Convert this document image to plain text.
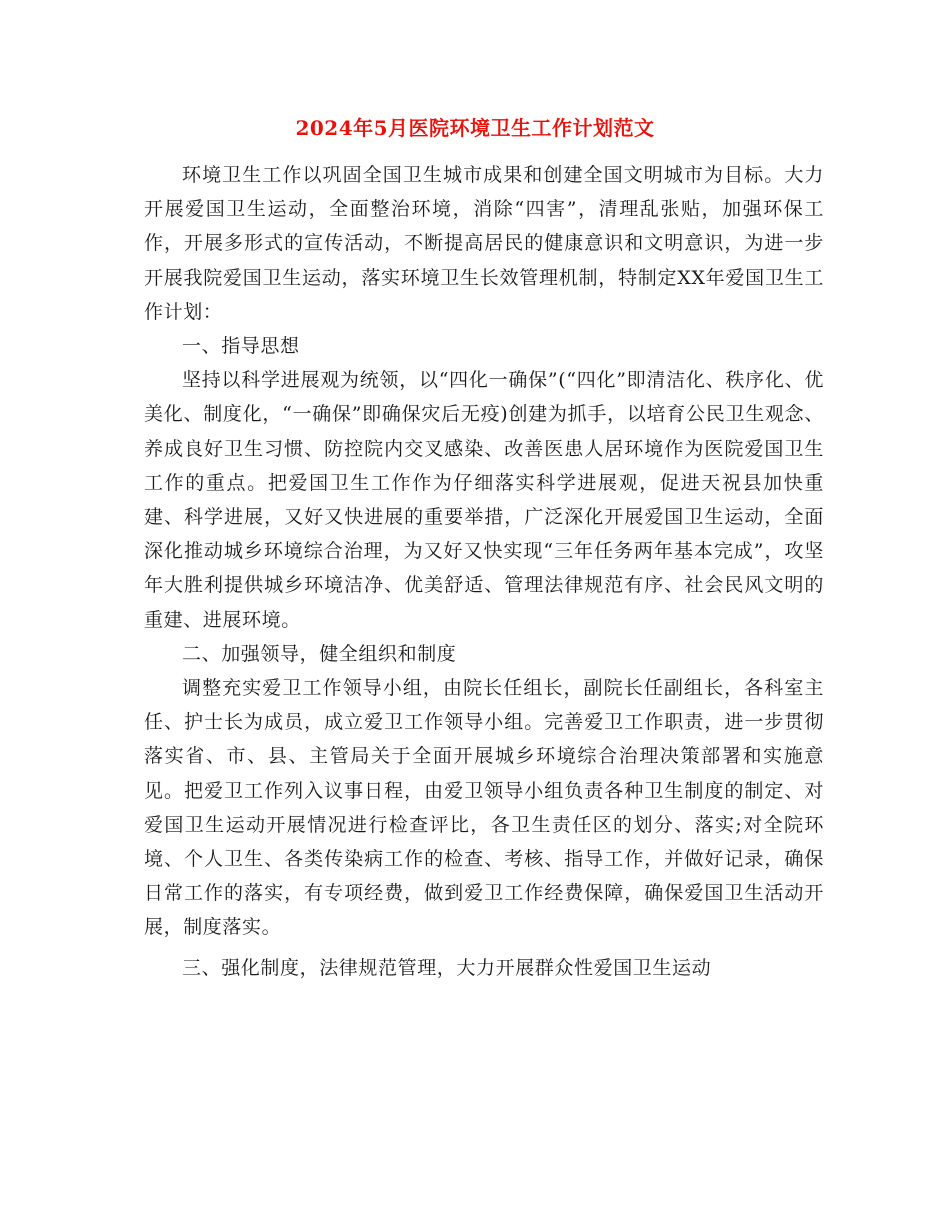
2024年5月医院环境卫生工作计划范文

环境卫生工作以巩固全国卫生城市成果和创建全国文明城市为目标。大力开展爱国卫生运动，全面整治环境，消除“四害”，清理乱张贴，加强环保工作，开展多形式的宣传活动，不断提高居民的健康意识和文明意识，为进一步开展我院爱国卫生运动，落实环境卫生长效管理机制，特制定XX年爱国卫生工作计划：

一、指导思想

坚持以科学进展观为统领，以“四化一确保”(“四化”即清洁化、秩序化、优美化、制度化，“一确保”即确保灾后无疫)创建为抓手，以培育公民卫生观念、养成良好卫生习惯、防控院内交叉感染、改善医患人居环境作为医院爱国卫生工作的重点。把爱国卫生工作作为仔细落实科学进展观，促进天祝县加快重建、科学进展，又好又快进展的重要举措，广泛深化开展爱国卫生运动，全面深化推动城乡环境综合治理，为又好又快实现“三年任务两年基本完成”，攻坚年大胜利提供城乡环境洁净、优美舒适、管理法律规范有序、社会民风文明的重建、进展环境。

二、加强领导，健全组织和制度

调整充实爱卫工作领导小组，由院长任组长，副院长任副组长，各科室主任、护士长为成员，成立爱卫工作领导小组。完善爱卫工作职责，进一步贯彻落实省、市、县、主管局关于全面开展城乡环境综合治理决策部署和实施意见。把爱卫工作列入议事日程，由爱卫领导小组负责各种卫生制度的制定、对爱国卫生运动开展情况进行检查评比，各卫生责任区的划分、落实;对全院环境、个人卫生、各类传染病工作的检查、考核、指导工作，并做好记录，确保日常工作的落实，有专项经费，做到爱卫工作经费保障，确保爱国卫生活动开展，制度落实。

三、强化制度，法律规范管理，大力开展群众性爱国卫生运动
